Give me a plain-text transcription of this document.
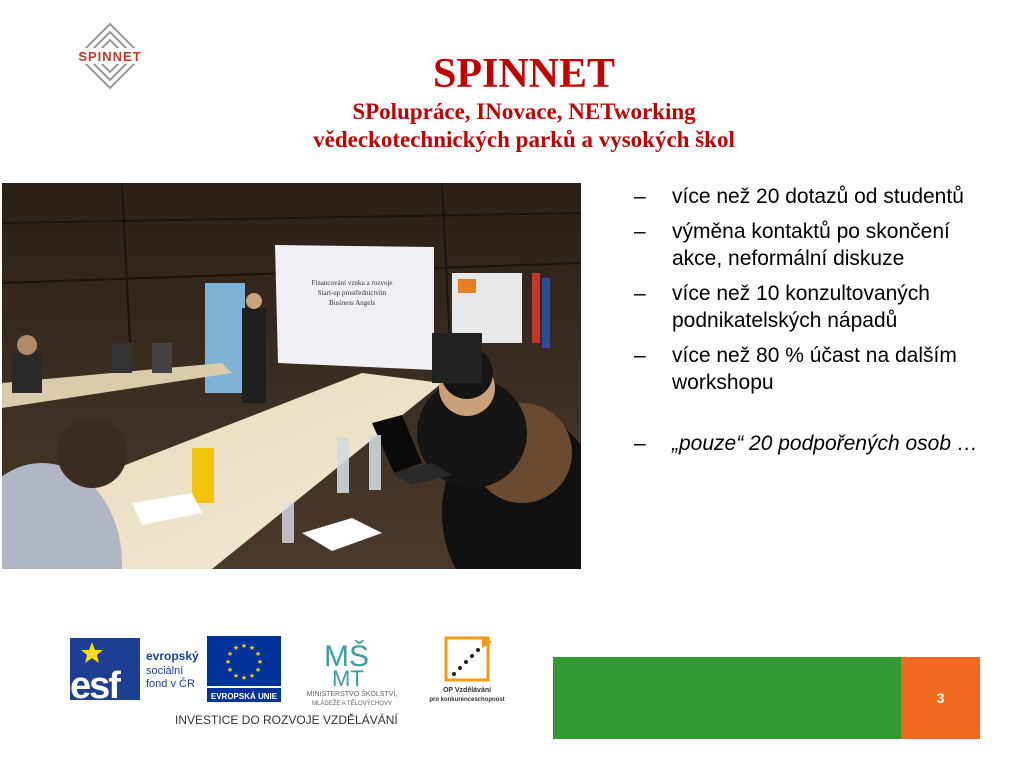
SPINNET	SPINNET

SPolupráce, INovace, NETworking

vědeckotechnických parků a vysokých škol

Financování vznku a rozvoje
Start-up prostřednictvím
Business Angels
– více než 20 dotazů od studentů
– výměna kontaktů po skončení akce, neformální diskuze
– více než 10 konzultovaných podnikatelských nápadů
– více než 80 % účast na dalším workshopu
– „pouze“ 20 podpořených osob …
esf
evropský
sociální
fond v ČR
★ ★
★
★
★
★
★
★
★
★
★
★
EVROPSKÁ UNIE
MŠ
MT
MINISTERSTVO ŠKOLSTVÍ,
MLÁDEŽE A TĚLOVÝCHOVY
OP Vzdělávání
pro konkurenceschopnost
INVESTICE DO ROZVOJE VZDĚLÁVÁNÍ
3
